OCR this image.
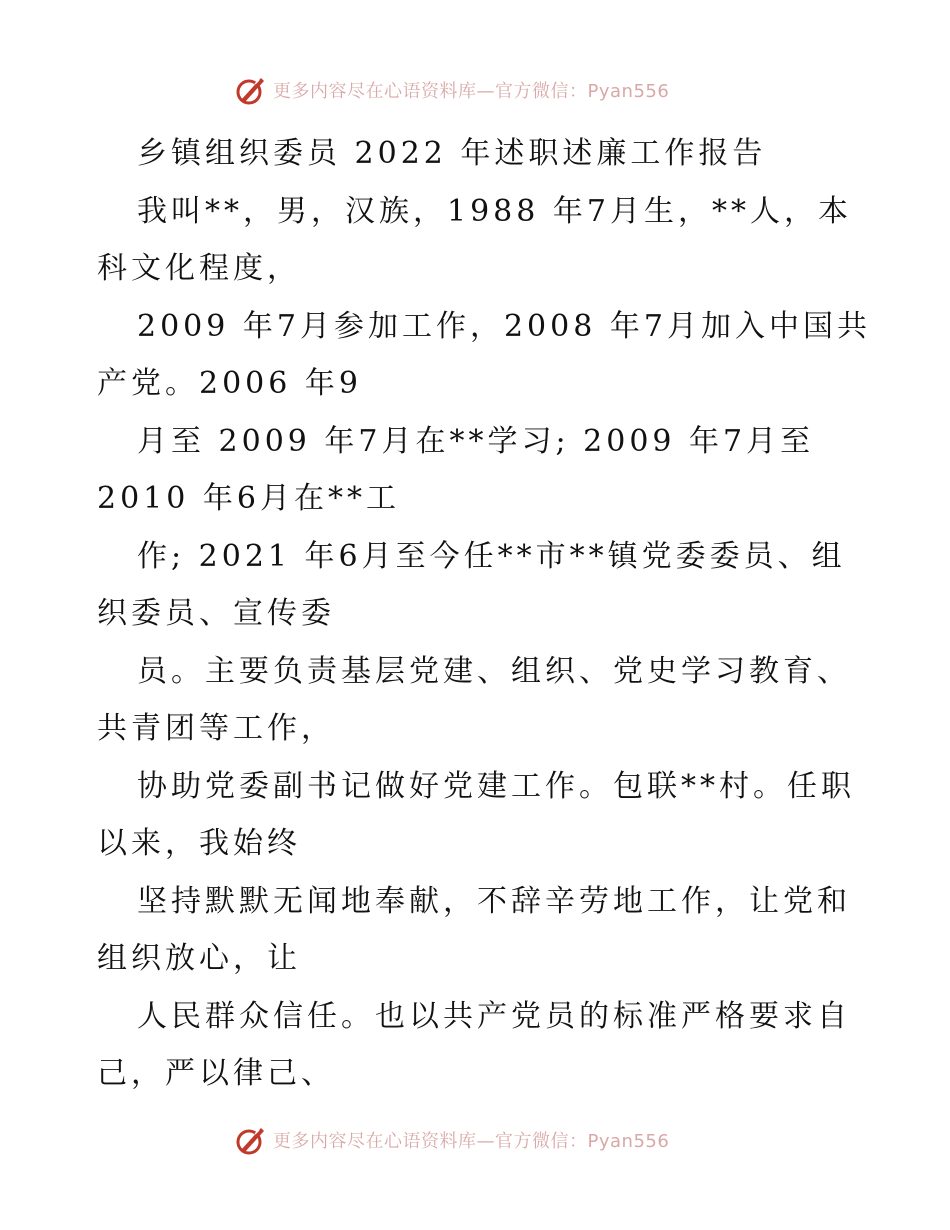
更多内容尽在心语资料库—官方微信：Pyan556
乡镇组织委员 2022 年述职述廉工作报告
我叫**，男，汉族，1988 年7月生，**人，本
科文化程度，
2009 年7月参加工作，2008 年7月加入中国共
产党。2006 年9
月至 2009 年7月在**学习; 2009 年7月至
2010 年6月在**工
作; 2021 年6月至今任**市**镇党委委员、组
织委员、宣传委
员。主要负责基层党建、组织、党史学习教育、
共青团等工作，
协助党委副书记做好党建工作。包联**村。任职
以来，我始终
坚持默默无闻地奉献，不辞辛劳地工作，让党和
组织放心，让
人民群众信任。也以共产党员的标准严格要求自
己，严以律己、
更多内容尽在心语资料库—官方微信：Pyan556
